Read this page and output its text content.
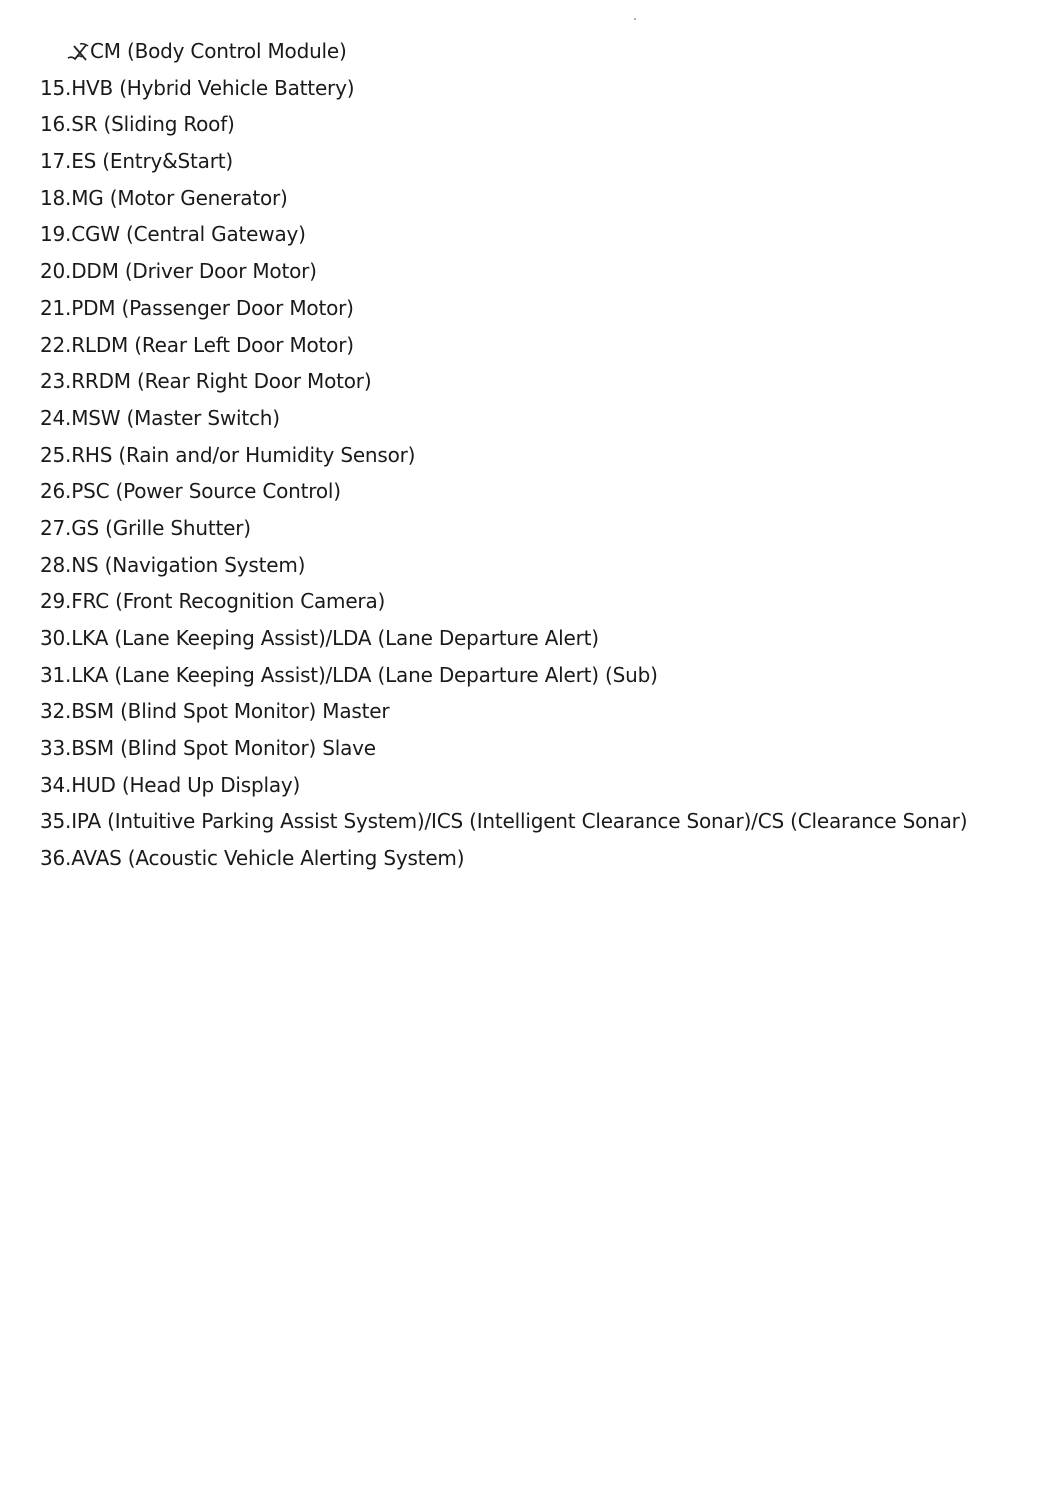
CM (Body Control Module)
15.HVB (Hybrid Vehicle Battery)
16.SR (Sliding Roof)
17.ES (Entry&Start)
18.MG (Motor Generator)
19.CGW (Central Gateway)
20.DDM (Driver Door Motor)
21.PDM (Passenger Door Motor)
22.RLDM (Rear Left Door Motor)
23.RRDM (Rear Right Door Motor)
24.MSW (Master Switch)
25.RHS (Rain and/or Humidity Sensor)
26.PSC (Power Source Control)
27.GS (Grille Shutter)
28.NS (Navigation System)
29.FRC (Front Recognition Camera)
30.LKA (Lane Keeping Assist)/LDA (Lane Departure Alert)
31.LKA (Lane Keeping Assist)/LDA (Lane Departure Alert) (Sub)
32.BSM (Blind Spot Monitor) Master
33.BSM (Blind Spot Monitor) Slave
34.HUD (Head Up Display)
35.IPA (Intuitive Parking Assist System)/ICS (Intelligent Clearance Sonar)/CS (Clearance Sonar)
36.AVAS (Acoustic Vehicle Alerting System)
